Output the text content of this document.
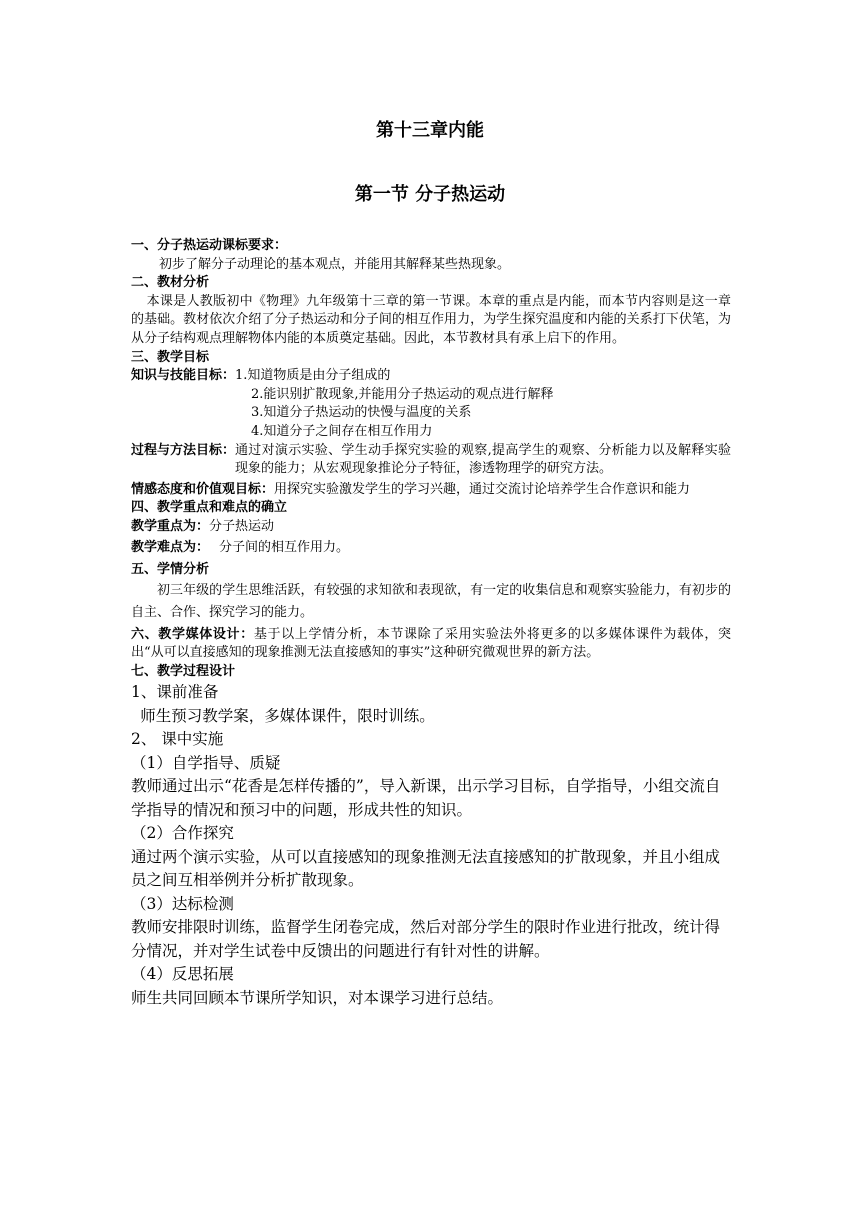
第十三章内能
第一节 分子热运动
一、分子热运动课标要求：
初步了解分子动理论的基本观点，并能用其解释某些热现象。
二、教材分析
本课是人教版初中《物理》九年级第十三章的第一节课。本章的重点是内能，而本节内容则是这一章的基础。教材依次介绍了分子热运动和分子间的相互作用力，为学生探究温度和内能的关系打下伏笔，为从分子结构观点理解物体内能的本质奠定基础。因此，本节教材具有承上启下的作用。
三、教学目标
知识与技能目标： 1.知道物质是由分子组成的
2.能识别扩散现象,并能用分子热运动的观点进行解释
3.知道分子热运动的快慢与温度的关系
4.知道分子之间存在相互作用力
过程与方法目标： 通过对演示实验、学生动手探究实验的观察,提高学生的观察、分析能力以及解释实验现象的能力；从宏观现象推论分子特征，渗透物理学的研究方法。
情感态度和价值观目标： 用探究实验激发学生的学习兴趣，通过交流讨论培养学生合作意识和能力
四、教学重点和难点的确立
教学重点为： 分子热运动
教学难点为： 分子间的相互作用力。
五、学情分析
初三年级的学生思维活跃，有较强的求知欲和表现欲，有一定的收集信息和观察实验能力，有初步的自主、合作、探究学习的能力。
六、教学媒体设计：基于以上学情分析，本节课除了采用实验法外将更多的以多媒体课件为载体，突出“从可以直接感知的现象推测无法直接感知的事实”这种研究微观世界的新方法。
七、教学过程设计
1、课前准备
师生预习教学案，多媒体课件，限时训练。
2、 课中实施
（1）自学指导、质疑
教师通过出示“花香是怎样传播的”，导入新课，出示学习目标，自学指导，小组交流自学指导的情况和预习中的问题，形成共性的知识。
（2）合作探究
通过两个演示实验，从可以直接感知的现象推测无法直接感知的扩散现象，并且小组成员之间互相举例并分析扩散现象。
（3）达标检测
教师安排限时训练，监督学生闭卷完成，然后对部分学生的限时作业进行批改，统计得分情况，并对学生试卷中反馈出的问题进行有针对性的讲解。
（4）反思拓展
师生共同回顾本节课所学知识，对本课学习进行总结。
